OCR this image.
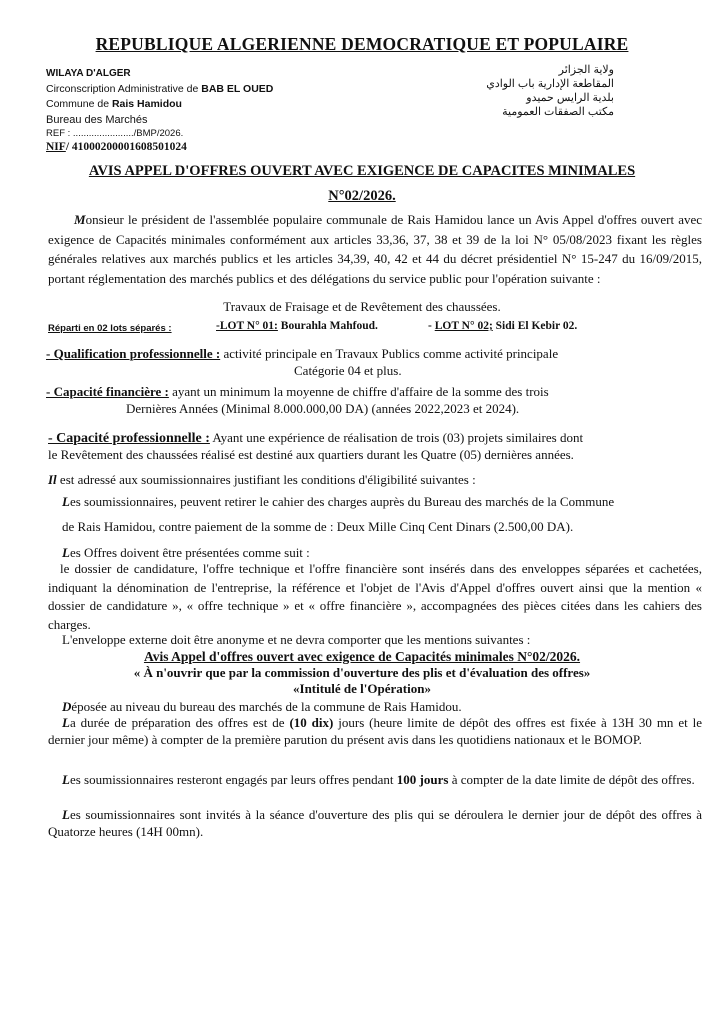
REPUBLIQUE ALGERIENNE DEMOCRATIQUE ET POPULAIRE
WILAYA D'ALGER
Circonscription Administrative de BAB EL OUED
Commune de Rais Hamidou
Bureau des Marchés
REF : ......................./BMP/2026.
NIF/ 41000200001608501024
ولاية الجزائر
المقاطعة الإدارية باب الوادي
بلدية الرايس حميدو
مكتب الصفقات العمومية
AVIS APPEL D'OFFRES OUVERT AVEC EXIGENCE DE CAPACITES MINIMALES
N°02/2026.
Monsieur le président de l'assemblée populaire communale de Rais Hamidou lance un Avis Appel d'offres ouvert avec exigence de Capacités minimales conformément aux articles 33,36, 37, 38 et 39 de la loi N° 05/08/2023 fixant les règles générales relatives aux marchés publics et les articles 34,39, 40, 42 et 44 du décret présidentiel N° 15-247 du 16/09/2015, portant réglementation des marchés publics et des délégations du service public pour l'opération suivante :
Travaux de Fraisage et de Revêtement des chaussées.
Réparti en 02 lots séparés :	-LOT N° 01: Bourahla Mahfoud.	- LOT N° 02; Sidi El Kebir 02.
- Qualification professionnelle : activité principale en Travaux Publics comme activité principale
Catégorie 04 et plus.
- Capacité financière : ayant un minimum la moyenne de chiffre d'affaire de la somme des trois
Dernières Années (Minimal 8.000.000,00 DA) (années 2022,2023 et 2024).
- Capacité professionnelle : Ayant une expérience de réalisation de trois (03) projets similaires dont
le Revêtement des chaussées réalisé est destiné aux quartiers durant les Quatre (05) dernières années.
Il est adressé aux soumissionnaires justifiant les conditions d'éligibilité suivantes :
Les soumissionnaires, peuvent retirer le cahier des charges auprès du Bureau des marchés de la Commune
de Rais Hamidou, contre paiement de la somme de : Deux Mille Cinq Cent Dinars (2.500,00 DA).
Les Offres doivent être présentées comme suit :
le dossier de candidature, l'offre technique et l'offre financière sont insérés dans des enveloppes séparées et cachetées, indiquant la dénomination de l'entreprise, la référence et l'objet de l'Avis d'Appel d'offres ouvert ainsi que la mention « dossier de candidature », « offre technique » et « offre financière », accompagnées des pièces citées dans les cahiers des charges.
L'enveloppe externe doit être anonyme et ne devra comporter que les mentions suivantes :
Avis Appel d'offres ouvert avec exigence de Capacités minimales N°02/2026.
« À n'ouvrir que par la commission d'ouverture des plis et d'évaluation des offres»
«Intitulé de l'Opération»
Déposée au niveau du bureau des marchés de la commune de Rais Hamidou.
La durée de préparation des offres est de (10 dix) jours (heure limite de dépôt des offres est fixée à 13H 30 mn et le dernier jour même) à compter de la première parution du présent avis dans les quotidiens nationaux et le BOMOP.
Les soumissionnaires resteront engagés par leurs offres pendant 100 jours à compter de la date limite de dépôt des offres.
Les soumissionnaires sont invités à la séance d'ouverture des plis qui se déroulera le dernier jour de dépôt des offres à Quatorze heures (14H 00mn).
